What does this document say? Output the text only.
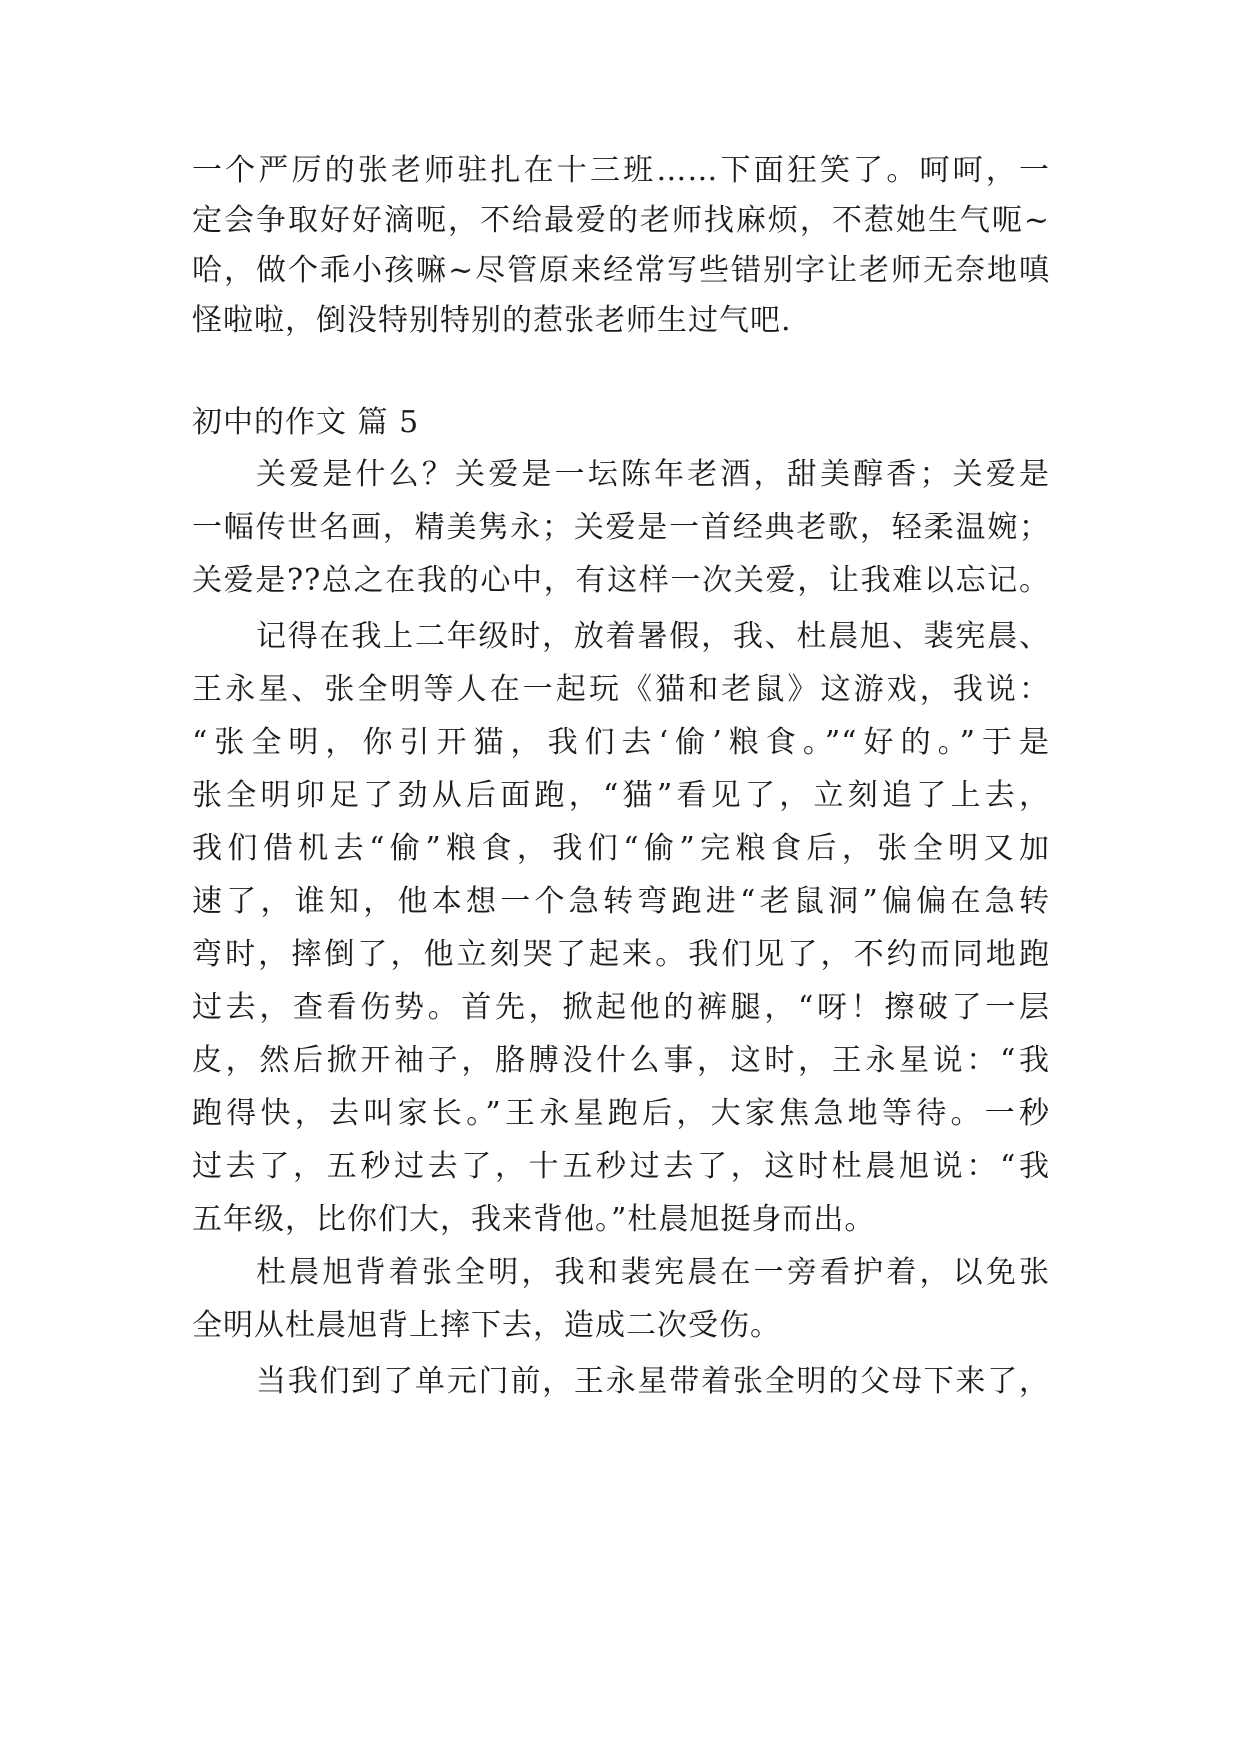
一个严厉的张老师驻扎在十三班……下面狂笑了。呵呵，一
定会争取好好滴呃，不给最爱的老师找麻烦，不惹她生气呃~
哈，做个乖小孩嘛~尽管原来经常写些错别字让老师无奈地嗔
怪啦啦，倒没特别特别的惹张老师生过气吧.
初中的作文 篇 5
关爱是什么？关爱是一坛陈年老酒，甜美醇香；关爱是
一幅传世名画，精美隽永；关爱是一首经典老歌，轻柔温婉；
关爱是??总之在我的心中，有这样一次关爱，让我难以忘记。
记得在我上二年级时，放着暑假，我、杜晨旭、裴宪晨、
王永星、张全明等人在一起玩《猫和老鼠》这游戏，我说：
“张全明，你引开猫，我们去‘偷’粮食。”“好的。”于是
张全明卯足了劲从后面跑，“猫”看见了，立刻追了上去，
我们借机去“偷”粮食，我们“偷”完粮食后，张全明又加
速了，谁知，他本想一个急转弯跑进“老鼠洞”偏偏在急转
弯时，摔倒了，他立刻哭了起来。我们见了，不约而同地跑
过去，查看伤势。首先，掀起他的裤腿，“呀！擦破了一层
皮，然后掀开袖子，胳膊没什么事，这时，王永星说：“我
跑得快，去叫家长。”王永星跑后，大家焦急地等待。一秒
过去了，五秒过去了，十五秒过去了，这时杜晨旭说：“我
五年级，比你们大，我来背他。”杜晨旭挺身而出。
杜晨旭背着张全明，我和裴宪晨在一旁看护着，以免张
全明从杜晨旭背上摔下去，造成二次受伤。
当我们到了单元门前，王永星带着张全明的父母下来了，
